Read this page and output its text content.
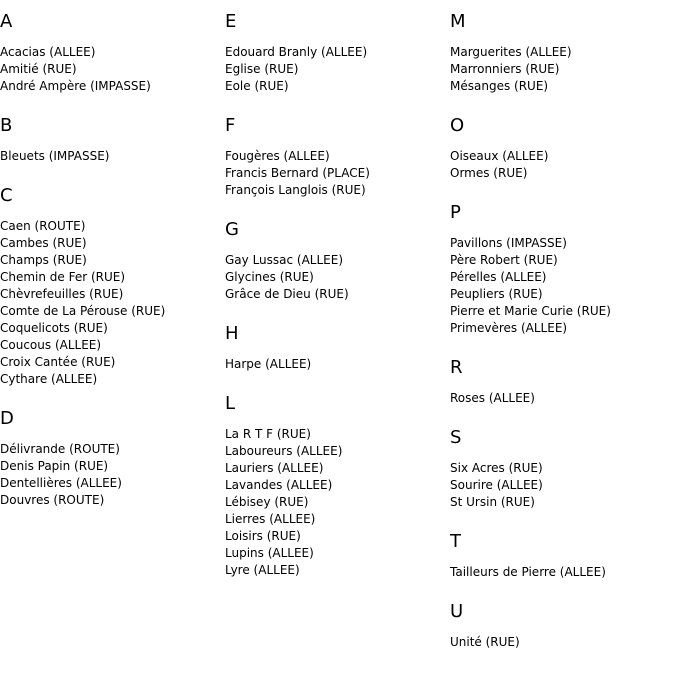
A
Acacias (ALLEE)
Amitié (RUE)
André Ampère (IMPASSE)
B
Bleuets (IMPASSE)
C
Caen (ROUTE)
Cambes (RUE)
Champs (RUE)
Chemin de Fer (RUE)
Chèvrefeuilles (RUE)
Comte de La Pérouse (RUE)
Coquelicots (RUE)
Coucous (ALLEE)
Croix Cantée (RUE)
Cythare (ALLEE)
D
Délivrande (ROUTE)
Denis Papin (RUE)
Dentellières (ALLEE)
Douvres (ROUTE)
E
Edouard Branly (ALLEE)
Eglise (RUE)
Eole (RUE)
F
Fougères (ALLEE)
Francis Bernard (PLACE)
François Langlois (RUE)
G
Gay Lussac (ALLEE)
Glycines (RUE)
Grâce de Dieu (RUE)
H
Harpe (ALLEE)
L
La R T F (RUE)
Laboureurs (ALLEE)
Lauriers (ALLEE)
Lavandes (ALLEE)
Lébisey (RUE)
Lierres (ALLEE)
Loisirs (RUE)
Lupins (ALLEE)
Lyre (ALLEE)
M
Marguerites (ALLEE)
Marronniers (RUE)
Mésanges (RUE)
O
Oiseaux (ALLEE)
Ormes (RUE)
P
Pavillons (IMPASSE)
Père Robert (RUE)
Pérelles (ALLEE)
Peupliers (RUE)
Pierre et Marie Curie (RUE)
Primevères (ALLEE)
R
Roses (ALLEE)
S
Six Acres (RUE)
Sourire (ALLEE)
St Ursin (RUE)
T
Tailleurs de Pierre (ALLEE)
U
Unité (RUE)
